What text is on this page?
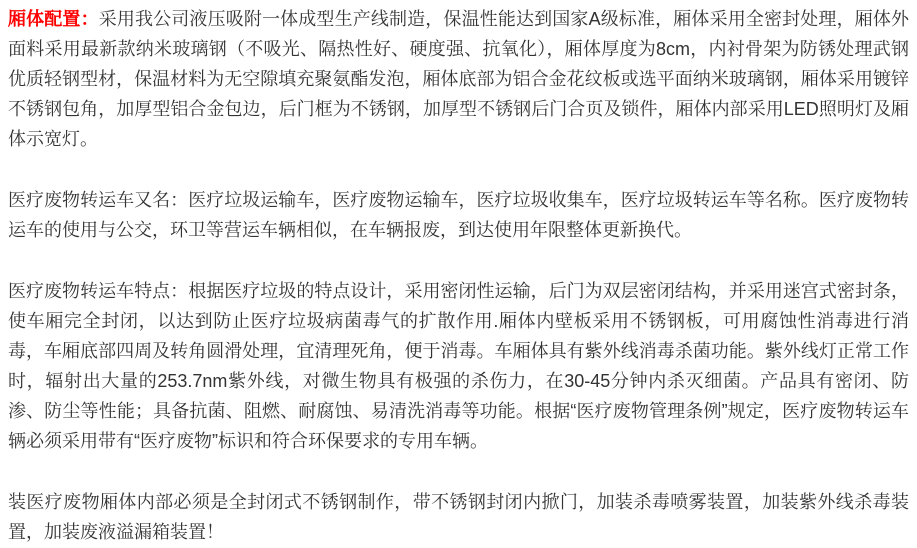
厢体配置：采用我公司液压吸附一体成型生产线制造，保温性能达到国家A级标准，厢体采用全密封处理，厢体外面料采用最新款纳米玻璃钢（不吸光、隔热性好、硬度强、抗氧化），厢体厚度为8cm，内衬骨架为防锈处理武钢优质轻钢型材，保温材料为无空隙填充聚氨酯发泡，厢体底部为铝合金花纹板或选平面纳米玻璃钢，厢体采用镀锌不锈钢包角，加厚型铝合金包边，后门框为不锈钢，加厚型不锈钢后门合页及锁件，厢体内部采用LED照明灯及厢体示宽灯。

医疗废物转运车又名：医疗垃圾运输车，医疗废物运输车，医疗垃圾收集车，医疗垃圾转运车等名称。医疗废物转运车的使用与公交，环卫等营运车辆相似，在车辆报废，到达使用年限整体更新换代。

医疗废物转运车特点：根据医疗垃圾的特点设计，采用密闭性运输，后门为双层密闭结构，并采用迷宫式密封条，使车厢完全封闭，以达到防止医疗垃圾病菌毒气的扩散作用.厢体内壁板采用不锈钢板，可用腐蚀性消毒进行消毒，车厢底部四周及转角圆滑处理，宜清理死角，便于消毒。车厢体具有紫外线消毒杀菌功能。紫外线灯正常工作时，辐射出大量的253.7nm紫外线，对微生物具有极强的杀伤力，在30-45分钟内杀灭细菌。产品具有密闭、防渗、防尘等性能；具备抗菌、阻燃、耐腐蚀、易清洗消毒等功能。根据“医疗废物管理条例”规定，医疗废物转运车辆必须采用带有“医疗废物”标识和符合环保要求的专用车辆。

装医疗废物厢体内部必须是全封闭式不锈钢制作，带不锈钢封闭内掀门，加装杀毒喷雾装置，加装紫外线杀毒装置，加装废液溢漏箱装置！
